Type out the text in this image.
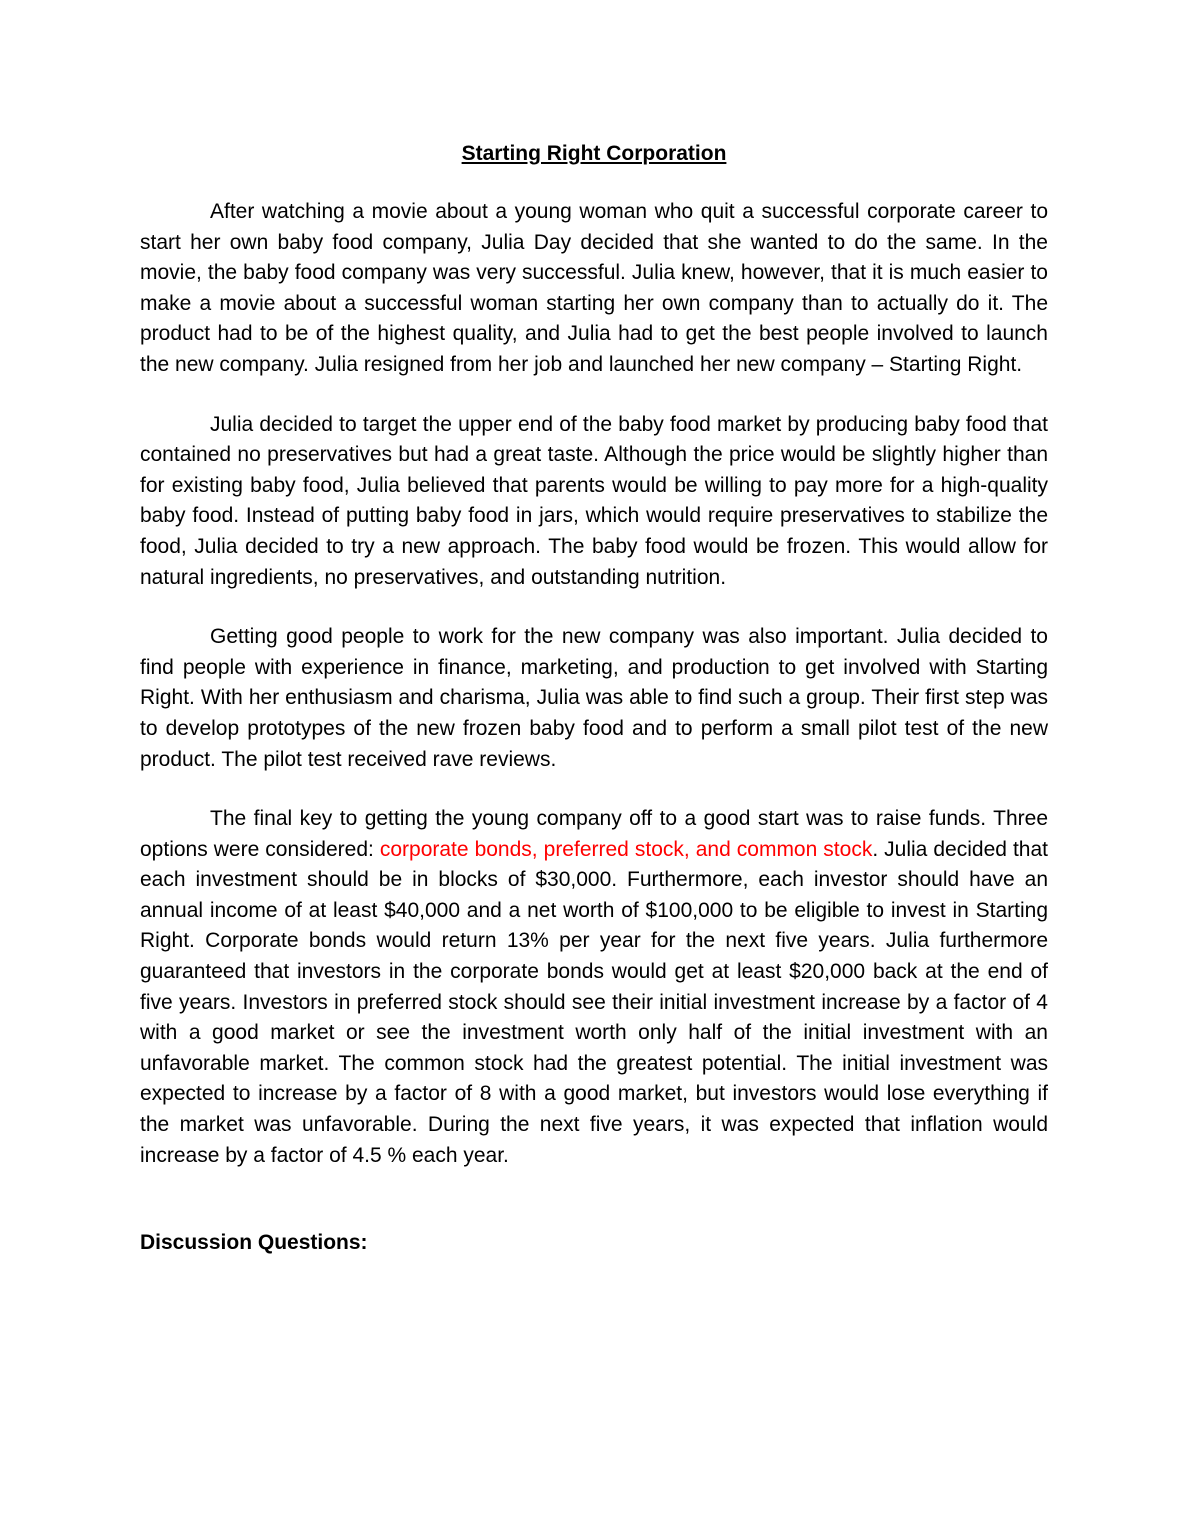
Starting Right Corporation

After watching a movie about a young woman who quit a successful corporate career to start her own baby food company, Julia Day decided that she wanted to do the same. In the movie, the baby food company was very successful. Julia knew, however, that it is much easier to make a movie about a successful woman starting her own company than to actually do it. The product had to be of the highest quality, and Julia had to get the best people involved to launch the new company. Julia resigned from her job and launched her new company – Starting Right.

Julia decided to target the upper end of the baby food market by producing baby food that contained no preservatives but had a great taste. Although the price would be slightly higher than for existing baby food, Julia believed that parents would be willing to pay more for a high-quality baby food. Instead of putting baby food in jars, which would require preservatives to stabilize the food, Julia decided to try a new approach. The baby food would be frozen. This would allow for natural ingredients, no preservatives, and outstanding nutrition.

Getting good people to work for the new company was also important. Julia decided to find people with experience in finance, marketing, and production to get involved with Starting Right. With her enthusiasm and charisma, Julia was able to find such a group. Their first step was to develop prototypes of the new frozen baby food and to perform a small pilot test of the new product. The pilot test received rave reviews.

The final key to getting the young company off to a good start was to raise funds. Three options were considered: corporate bonds, preferred stock, and common stock. Julia decided that each investment should be in blocks of $30,000. Furthermore, each investor should have an annual income of at least $40,000 and a net worth of $100,000 to be eligible to invest in Starting Right. Corporate bonds would return 13% per year for the next five years. Julia furthermore guaranteed that investors in the corporate bonds would get at least $20,000 back at the end of five years. Investors in preferred stock should see their initial investment increase by a factor of 4 with a good market or see the investment worth only half of the initial investment with an unfavorable market. The common stock had the greatest potential. The initial investment was expected to increase by a factor of 8 with a good market, but investors would lose everything if the market was unfavorable. During the next five years, it was expected that inflation would increase by a factor of 4.5 % each year.

Discussion Questions:
